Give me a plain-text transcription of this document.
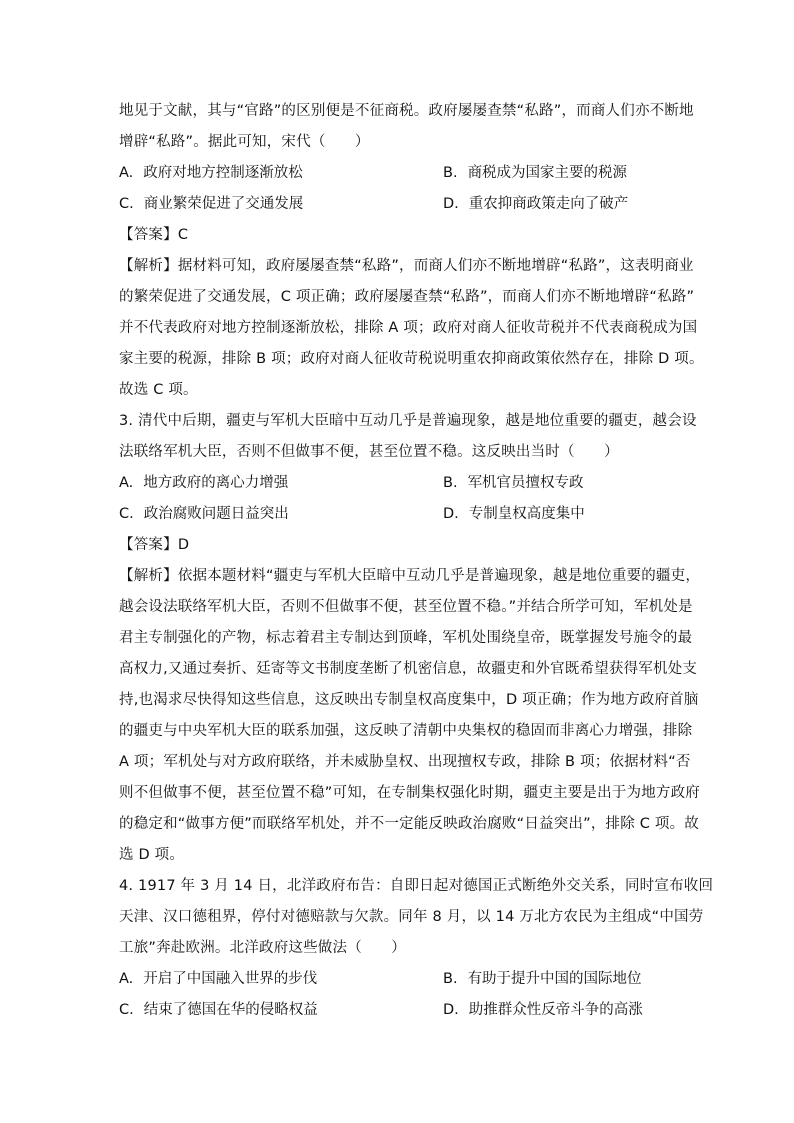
地见于文献，其与“官路”的区别便是不征商税。政府屡屡查禁“私路”，而商人们亦不断地
增辟“私路”。据此可知，宋代（　　）
A. 政府对地方控制逐渐放松	B. 商税成为国家主要的税源
C. 商业繁荣促进了交通发展	D. 重农抑商政策走向了破产
【答案】C
【解析】据材料可知，政府屡屡查禁“私路”，而商人们亦不断地增辟“私路”，这表明商业
的繁荣促进了交通发展，C 项正确；政府屡屡查禁“私路”，而商人们亦不断地增辟“私路”
并不代表政府对地方控制逐渐放松，排除 A 项；政府对商人征收苛税并不代表商税成为国
家主要的税源，排除 B 项；政府对商人征收苛税说明重农抑商政策依然存在，排除 D 项。
故选 C 项。
3. 清代中后期，疆吏与军机大臣暗中互动几乎是普遍现象，越是地位重要的疆吏，越会设
法联络军机大臣，否则不但做事不便，甚至位置不稳。这反映出当时（　　）
A. 地方政府的离心力增强	B. 军机官员擅权专政
C. 政治腐败问题日益突出	D. 专制皇权高度集中
【答案】D
【解析】依据本题材料“疆吏与军机大臣暗中互动几乎是普遍现象，越是地位重要的疆吏，
越会设法联络军机大臣，否则不但做事不便，甚至位置不稳。”并结合所学可知，军机处是
君主专制强化的产物，标志着君主专制达到顶峰，军机处围绕皇帝，既掌握发号施令的最
高权力,又通过奏折、廷寄等文书制度垄断了机密信息，故疆吏和外官既希望获得军机处支
持,也渴求尽快得知这些信息，这反映出专制皇权高度集中，D 项正确；作为地方政府首脑
的疆吏与中央军机大臣的联系加强，这反映了清朝中央集权的稳固而非离心力增强，排除
A 项；军机处与对方政府联络，并未威胁皇权、出现擅权专政，排除 B 项；依据材料“否
则不但做事不便，甚至位置不稳”可知，在专制集权强化时期，疆吏主要是出于为地方政府
的稳定和“做事方便”而联络军机处，并不一定能反映政治腐败“日益突出”，排除 C 项。故
选 D 项。
4. 1917 年 3 月 14 日，北洋政府布告：自即日起对德国正式断绝外交关系，同时宣布收回
天津、汉口德租界，停付对德赔款与欠款。同年 8 月，以 14 万北方农民为主组成“中国劳
工旅”奔赴欧洲。北洋政府这些做法（　　）
A. 开启了中国融入世界的步伐	B. 有助于提升中国的国际地位
C. 结束了德国在华的侵略权益	D. 助推群众性反帝斗争的高涨
